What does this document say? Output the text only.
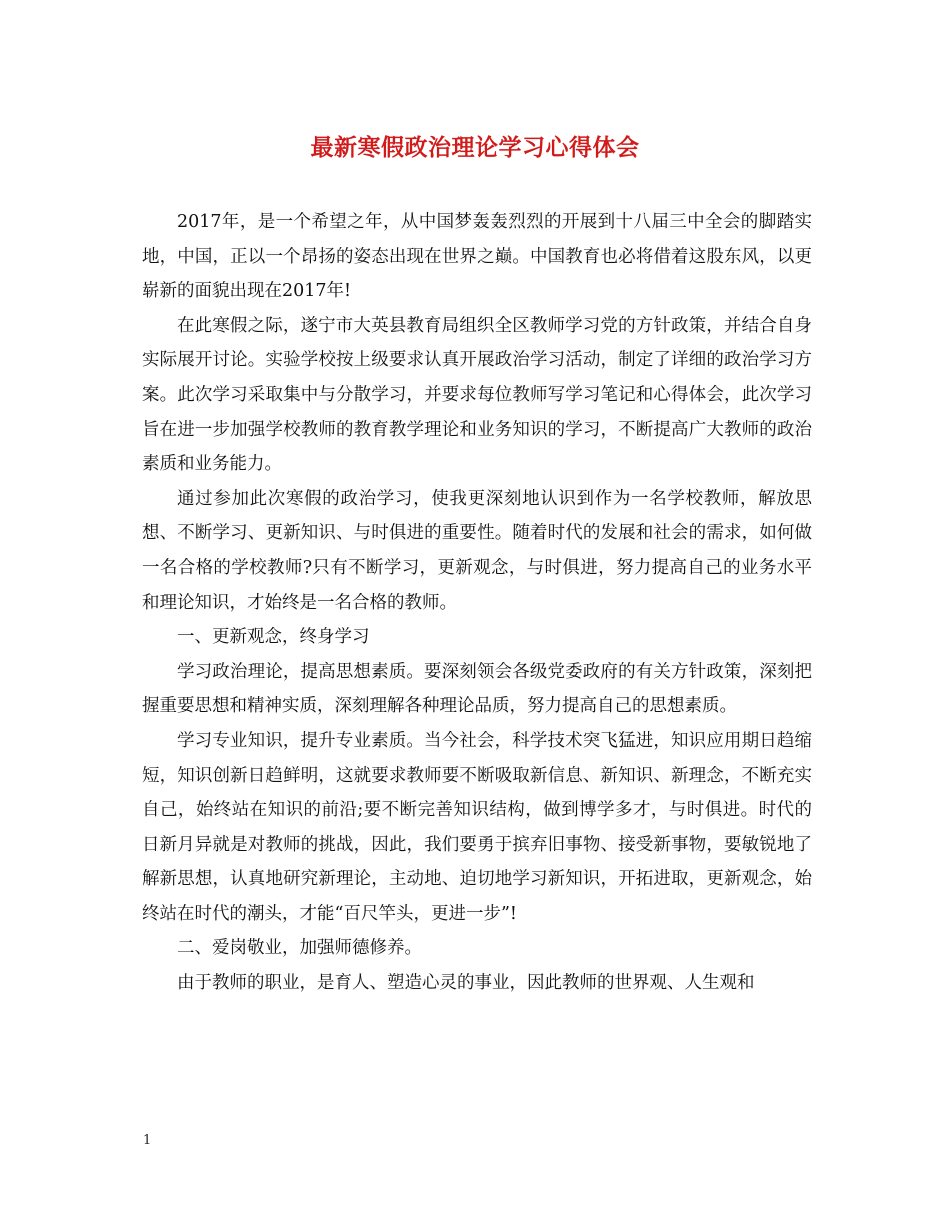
最新寒假政治理论学习心得体会

2017年，是一个希望之年，从中国梦轰轰烈烈的开展到十八届三中全会的脚踏实地，中国，正以一个昂扬的姿态出现在世界之巅。中国教育也必将借着这股东风，以更崭新的面貌出现在2017年!

在此寒假之际，遂宁市大英县教育局组织全区教师学习党的方针政策，并结合自身实际展开讨论。实验学校按上级要求认真开展政治学习活动，制定了详细的政治学习方案。此次学习采取集中与分散学习，并要求每位教师写学习笔记和心得体会，此次学习旨在进一步加强学校教师的教育教学理论和业务知识的学习，不断提高广大教师的政治素质和业务能力。

通过参加此次寒假的政治学习，使我更深刻地认识到作为一名学校教师，解放思想、不断学习、更新知识、与时俱进的重要性。随着时代的发展和社会的需求，如何做一名合格的学校教师?只有不断学习，更新观念，与时俱进，努力提高自己的业务水平和理论知识，才始终是一名合格的教师。

一、更新观念，终身学习

学习政治理论，提高思想素质。要深刻领会各级党委政府的有关方针政策，深刻把握重要思想和精神实质，深刻理解各种理论品质，努力提高自己的思想素质。

学习专业知识，提升专业素质。当今社会，科学技术突飞猛进，知识应用期日趋缩短，知识创新日趋鲜明，这就要求教师要不断吸取新信息、新知识、新理念，不断充实自己，始终站在知识的前沿;要不断完善知识结构，做到博学多才，与时俱进。时代的日新月异就是对教师的挑战，因此，我们要勇于摈弃旧事物、接受新事物，要敏锐地了解新思想，认真地研究新理论，主动地、迫切地学习新知识，开拓进取，更新观念，始终站在时代的潮头，才能“百尺竿头，更进一步”!

二、爱岗敬业，加强师德修养。

由于教师的职业，是育人、塑造心灵的事业，因此教师的世界观、人生观和

1
